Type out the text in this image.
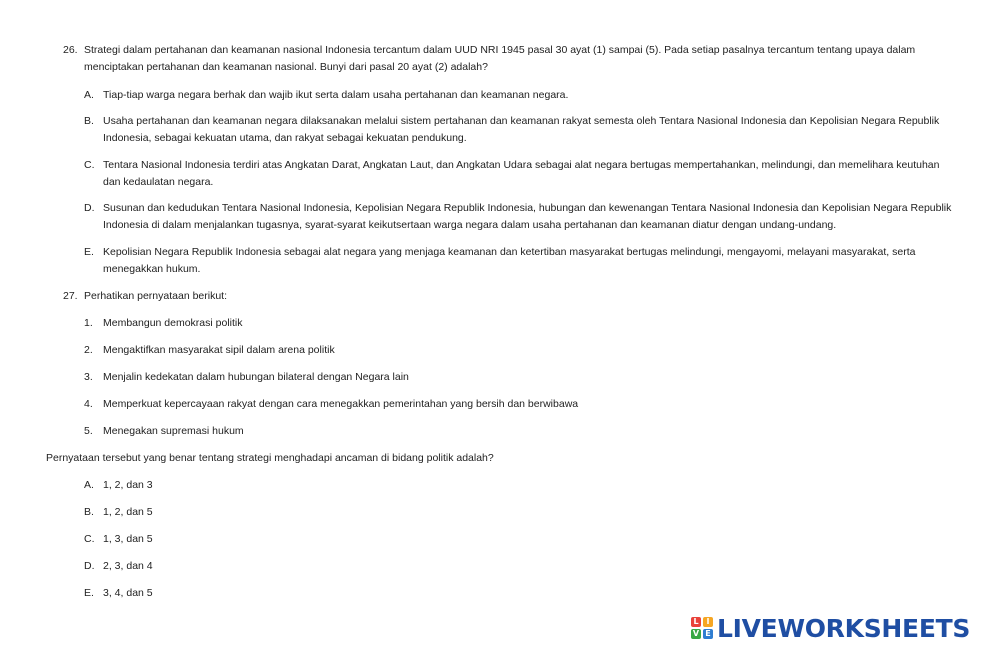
26. Strategi dalam pertahanan dan keamanan nasional Indonesia tercantum dalam UUD NRI 1945 pasal 30 ayat (1) sampai (5). Pada setiap pasalnya tercantum tentang upaya dalam
menciptakan pertahanan dan keamanan nasional. Bunyi dari pasal 20 ayat (2) adalah?
A. Tiap-tiap warga negara berhak dan wajib ikut serta dalam usaha pertahanan dan keamanan negara.
B. Usaha pertahanan dan keamanan negara dilaksanakan melalui sistem pertahanan dan keamanan rakyat semesta oleh Tentara Nasional Indonesia dan Kepolisian Negara Republik
Indonesia, sebagai kekuatan utama, dan rakyat sebagai kekuatan pendukung.
C. Tentara Nasional Indonesia terdiri atas Angkatan Darat, Angkatan Laut, dan Angkatan Udara sebagai alat negara bertugas mempertahankan, melindungi, dan memelihara keutuhan
dan kedaulatan negara.
D. Susunan dan kedudukan Tentara Nasional Indonesia, Kepolisian Negara Republik Indonesia, hubungan dan kewenangan Tentara Nasional Indonesia dan Kepolisian Negara Republik
Indonesia di dalam menjalankan tugasnya, syarat-syarat keikutsertaan warga negara dalam usaha pertahanan dan keamanan diatur dengan undang-undang.
E. Kepolisian Negara Republik Indonesia sebagai alat negara yang menjaga keamanan dan ketertiban masyarakat bertugas melindungi, mengayomi, melayani masyarakat, serta
menegakkan hukum.
27. Perhatikan pernyataan berikut:
1. Membangun demokrasi politik
2. Mengaktifkan masyarakat sipil dalam arena politik
3. Menjalin kedekatan dalam hubungan bilateral dengan Negara lain
4. Memperkuat kepercayaan rakyat dengan cara menegakkan pemerintahan yang bersih dan berwibawa
5. Menegakan supremasi hukum
Pernyataan tersebut yang benar tentang strategi menghadapi ancaman di bidang politik adalah?
A. 1, 2, dan 3
B. 1, 2, dan 5
C. 1, 3, dan 5
D. 2, 3, dan 4
E. 3, 4, dan 5
L I
V E LIVEWORKSHEETS
